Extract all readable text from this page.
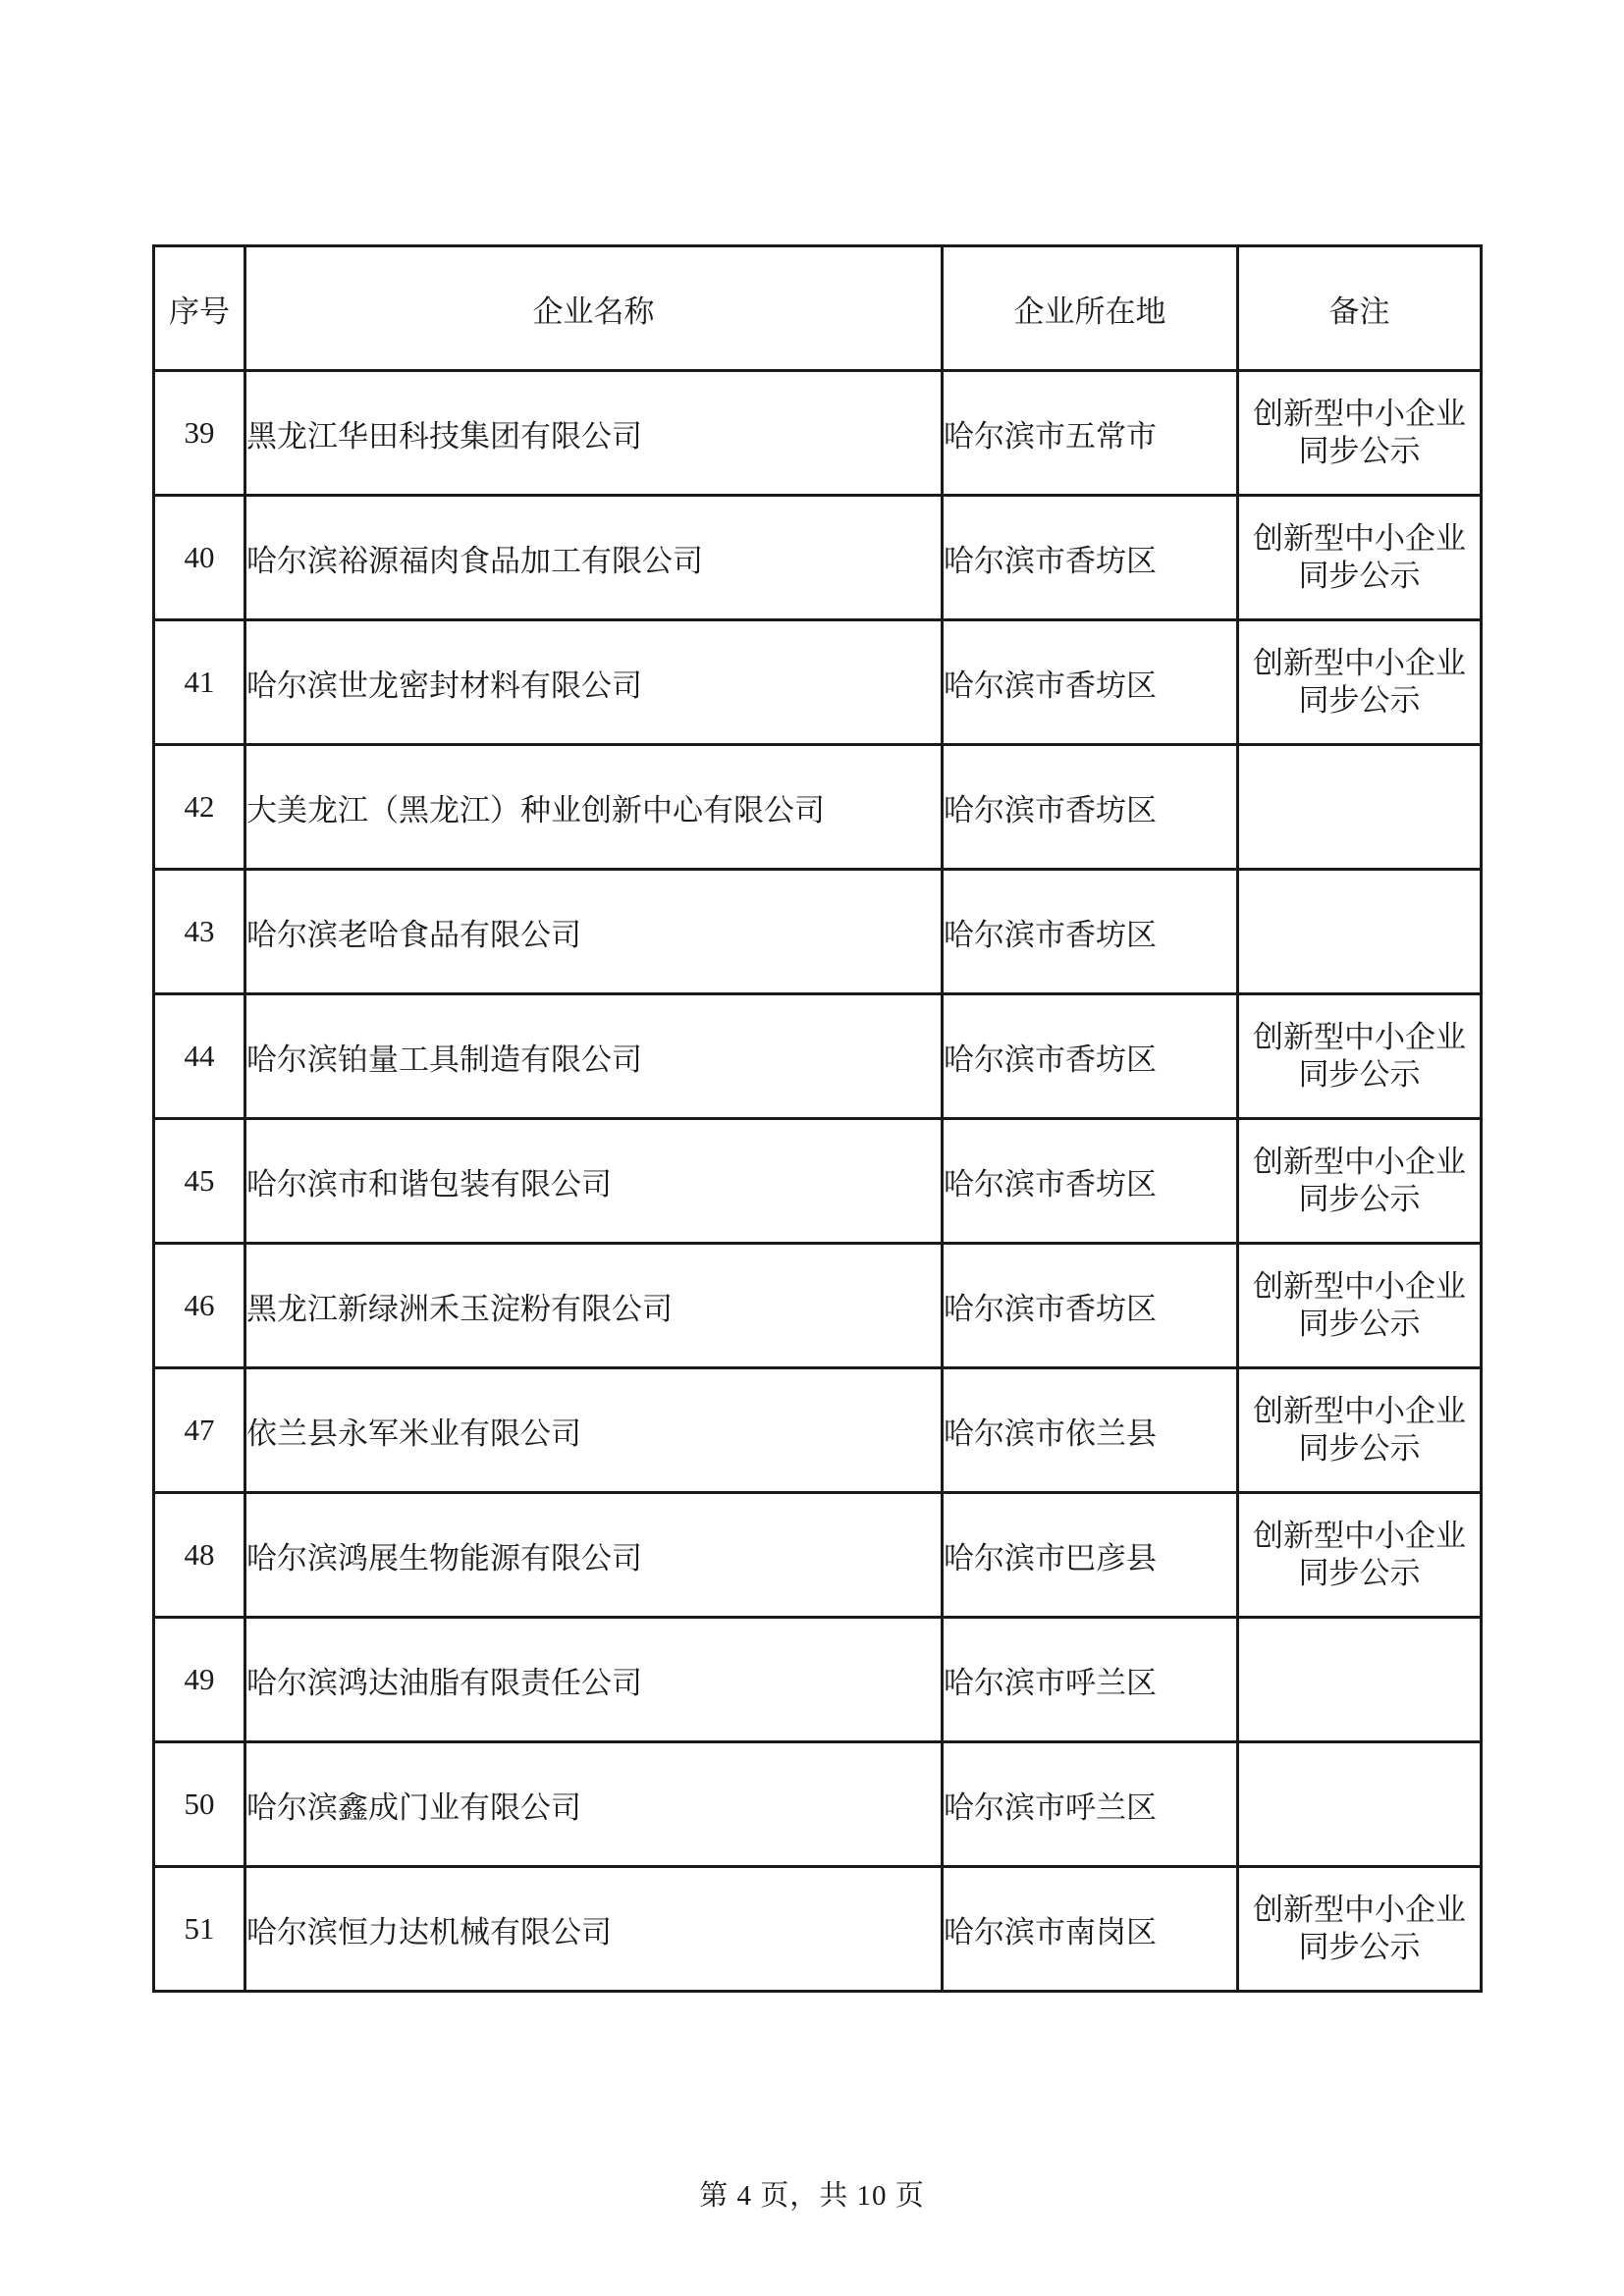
序号	企业名称	企业所在地	备注
39	黑龙江华田科技集团有限公司	哈尔滨市五常市	创新型中小企业
同步公示

40	哈尔滨裕源福肉食品加工有限公司	哈尔滨市香坊区	创新型中小企业
同步公示

41	哈尔滨世龙密封材料有限公司	哈尔滨市香坊区	创新型中小企业
同步公示

42	大美龙江（黑龙江）种业创新中心有限公司	哈尔滨市香坊区	

43	哈尔滨老哈食品有限公司	哈尔滨市香坊区	

44	哈尔滨铂量工具制造有限公司	哈尔滨市香坊区	创新型中小企业
同步公示

45	哈尔滨市和谐包装有限公司	哈尔滨市香坊区	创新型中小企业
同步公示

46	黑龙江新绿洲禾玉淀粉有限公司	哈尔滨市香坊区	创新型中小企业
同步公示

47	依兰县永军米业有限公司	哈尔滨市依兰县	创新型中小企业
同步公示

48	哈尔滨鸿展生物能源有限公司	哈尔滨市巴彦县	创新型中小企业
同步公示

49	哈尔滨鸿达油脂有限责任公司	哈尔滨市呼兰区	

50	哈尔滨鑫成门业有限公司	哈尔滨市呼兰区	

51	哈尔滨恒力达机械有限公司	哈尔滨市南岗区	创新型中小企业
同步公示
第 4 页，共 10 页
